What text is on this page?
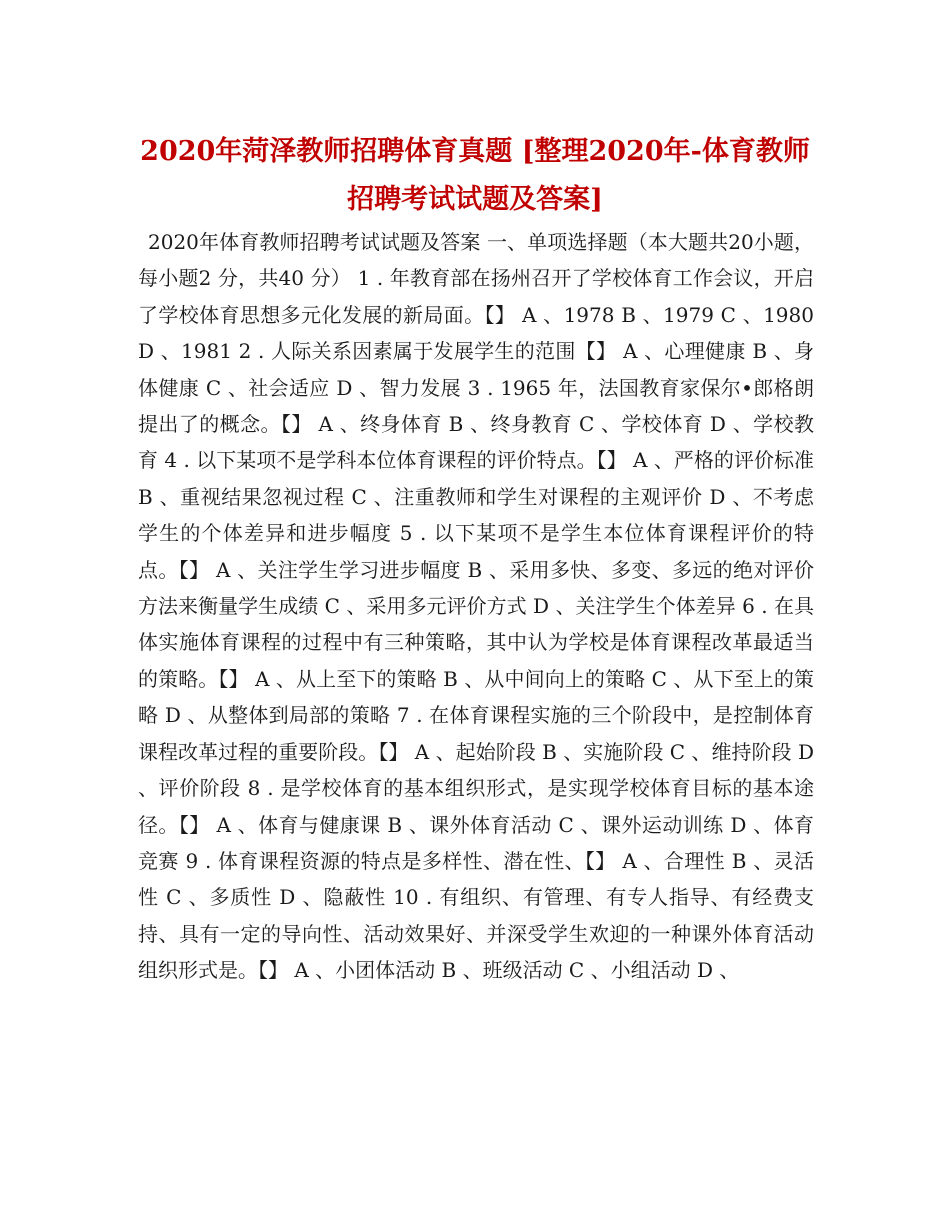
2020年菏泽教师招聘体育真题 [整理2020年-体育教师招聘考试试题及答案]

2020年体育教师招聘考试试题及答案 一、单项选择题（本大题共20小题，每小题2 分，共40 分） 1 . 年教育部在扬州召开了学校体育工作会议，开启了学校体育思想多元化发展的新局面。【】 A 、1978 B 、1979 C 、1980 D 、1981 2 . 人际关系因素属于发展学生的范围【】 A 、心理健康 B 、身体健康 C 、社会适应 D 、智力发展 3 . 1965 年，法国教育家保尔•郎格朗提出了的概念。【】 A 、终身体育 B 、终身教育 C 、学校体育 D 、学校教育 4 . 以下某项不是学科本位体育课程的评价特点。【】 A 、严格的评价标准 B 、重视结果忽视过程 C 、注重教师和学生对课程的主观评价 D 、不考虑学生的个体差异和进步幅度 5 . 以下某项不是学生本位体育课程评价的特点。【】 A 、关注学生学习进步幅度 B 、采用多快、多变、多远的绝对评价方法来衡量学生成绩 C 、采用多元评价方式 D 、关注学生个体差异 6 . 在具体实施体育课程的过程中有三种策略，其中认为学校是体育课程改革最适当的策略。【】 A 、从上至下的策略 B 、从中间向上的策略 C 、从下至上的策略 D 、从整体到局部的策略 7 . 在体育课程实施的三个阶段中，是控制体育课程改革过程的重要阶段。【】 A 、起始阶段 B 、实施阶段 C 、维持阶段 D 、评价阶段 8 . 是学校体育的基本组织形式，是实现学校体育目标的基本途径。【】 A 、体育与健康课 B 、课外体育活动 C 、课外运动训练 D 、体育竞赛 9 . 体育课程资源的特点是多样性、潜在性、【】 A 、合理性 B 、灵活性 C 、多质性 D 、隐蔽性 10 . 有组织、有管理、有专人指导、有经费支持、具有一定的导向性、活动效果好、并深受学生欢迎的一种课外体育活动组织形式是。【】 A 、小团体活动 B 、班级活动 C 、小组活动 D 、
